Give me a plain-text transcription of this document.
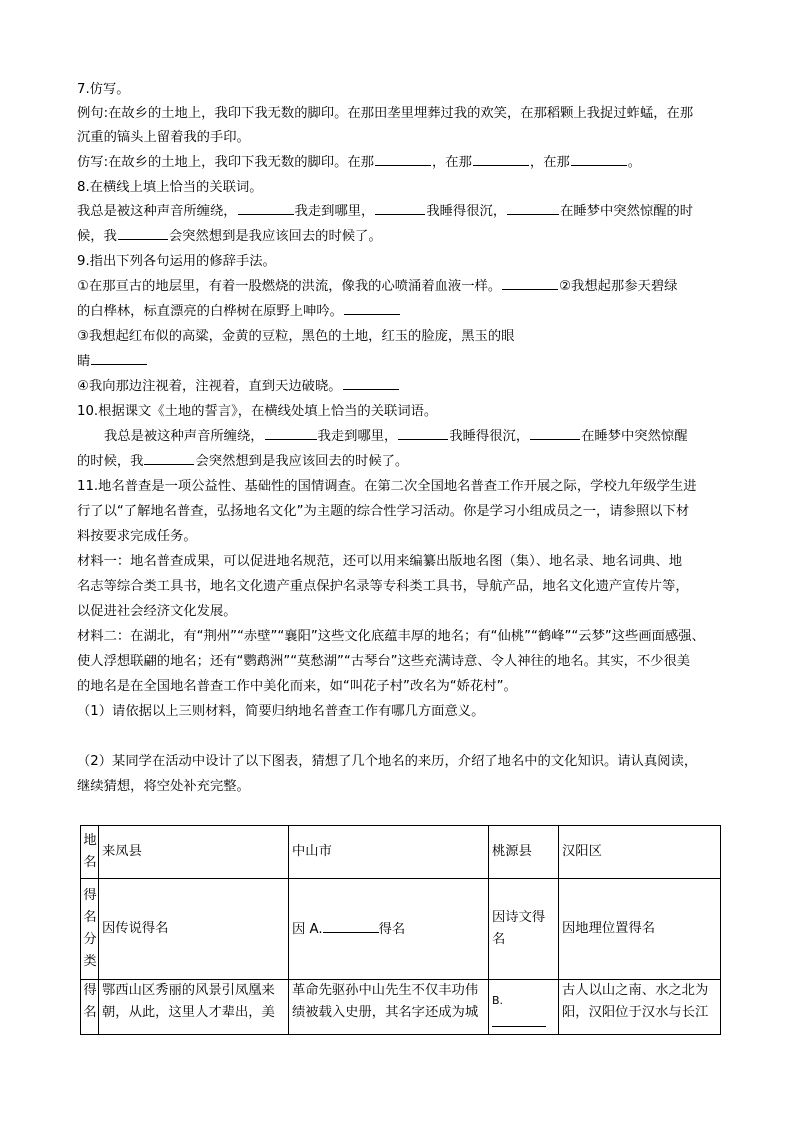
7.仿写。
例句:在故乡的土地上，我印下我无数的脚印。在那田垄里埋葬过我的欢笑，在那稻颗上我捉过蚱蜢，在那
沉重的镐头上留着我的手印。
仿写:在故乡的土地上，我印下我无数的脚印。在那	，在那	，在那	。
8.在横线上填上恰当的关联词。
我总是被这种声音所缠绕，	我走到哪里，	我睡得很沉，	在睡梦中突然惊醒的时
候，我	会突然想到是我应该回去的时候了。
9.指出下列各句运用的修辞手法。
①在那亘古的地层里，有着一股燃烧的洪流，像我的心喷涌着血液一样。	②我想起那参天碧绿
的白桦林，标直漂亮的白桦树在原野上呻吟。
③我想起红布似的高粱，金黄的豆粒，黑色的土地，红玉的脸庞，黑玉的眼
睛
④我向那边注视着，注视着，直到天边破晓。
10.根据课文《土地的誓言》，在横线处填上恰当的关联词语。
我总是被这种声音所缠绕，	我走到哪里，	我睡得很沉，	在睡梦中突然惊醒
的时候，我	会突然想到是我应该回去的时候了。
11.地名普查是一项公益性、基础性的国情调查。在第二次全国地名普查工作开展之际，学校九年级学生进
行了以“了解地名普查，弘扬地名文化”为主题的综合性学习活动。你是学习小组成员之一，请参照以下材
料按要求完成任务。
材料一：地名普查成果，可以促进地名规范，还可以用来编纂出版地名图（集）、地名录、地名词典、地
名志等综合类工具书，地名文化遗产重点保护名录等专科类工具书，导航产品，地名文化遗产宣传片等，
以促进社会经济文化发展。
材料二：在湖北，有“荆州”“赤壁”“襄阳”这些文化底蕴丰厚的地名；有“仙桃”“鹤峰”“云梦”这些画面感强、
使人浮想联翩的地名；还有“鹦鹉洲”“莫愁湖”“古琴台”这些充满诗意、令人神往的地名。其实，不少很美
的地名是在全国地名普查工作中美化而来，如“叫花子村”改名为“娇花村”。
（1）请依据以上三则材料，简要归纳地名普查工作有哪几方面意义。
（2）某同学在活动中设计了以下图表，猜想了几个地名的来历，介绍了地名中的文化知识。请认真阅读，
继续猜想，将空处补充完整。
地名	来凤县	中山市	桃源县	汉阳区

得名分类	因传说得名	因 A. 得名	因诗文得名	因地理位置得名

得名	鄂西山区秀丽的风景引凤凰来朝，从此，这里人才辈出，美	革命先驱孙中山先生不仅丰功伟绩被载入史册，其名字还成为城	B.	古人以山之南、水之北为阳，汉阳位于汉水与长江
